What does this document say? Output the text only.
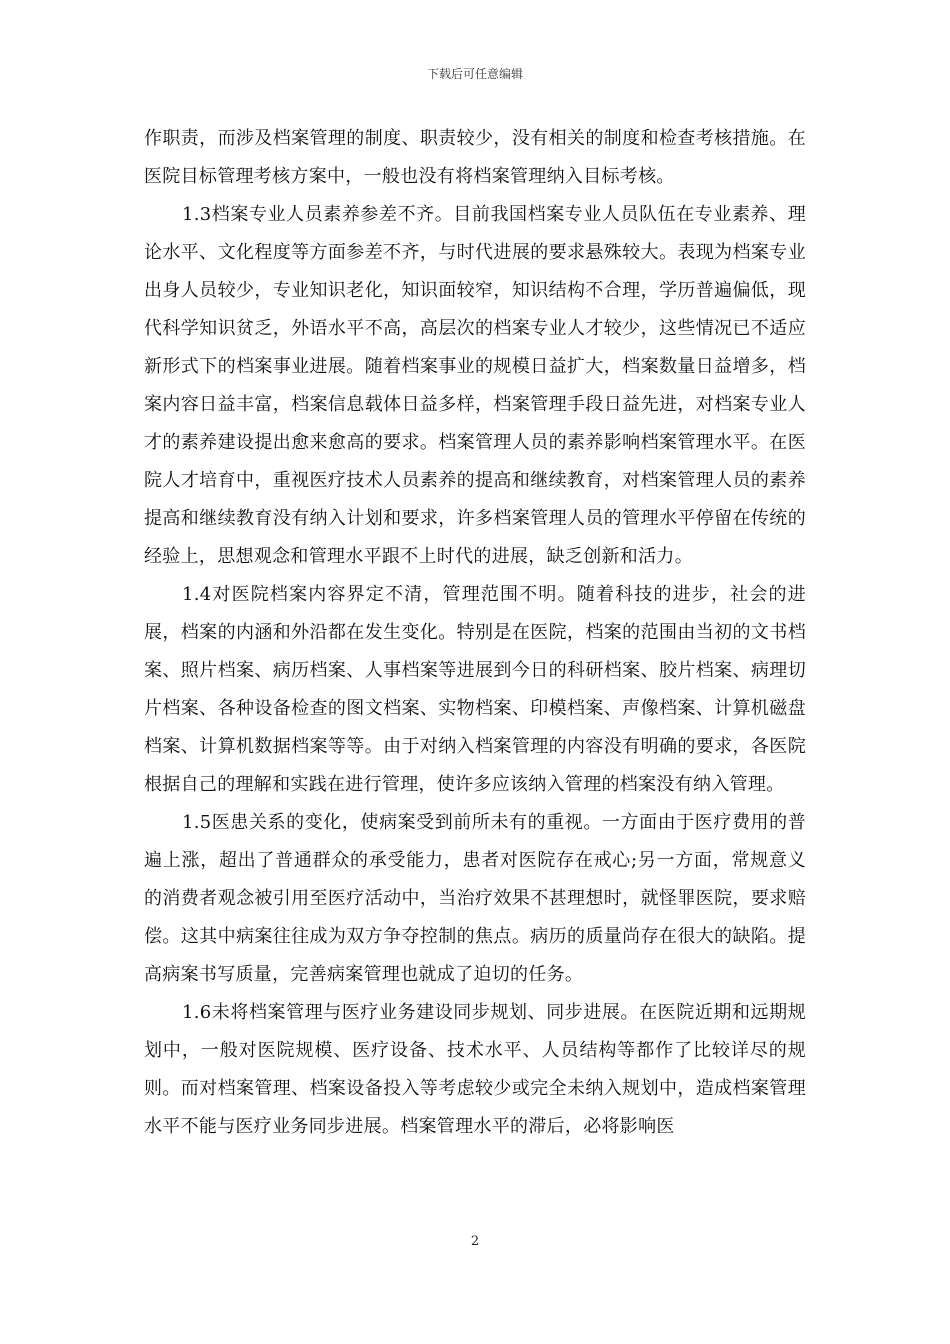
下载后可任意编辑

作职责，而涉及档案管理的制度、职责较少，没有相关的制度和检查考核措施。在医院目标管理考核方案中，一般也没有将档案管理纳入目标考核。

1.3档案专业人员素养参差不齐。目前我国档案专业人员队伍在专业素养、理论水平、文化程度等方面参差不齐，与时代进展的要求悬殊较大。表现为档案专业出身人员较少，专业知识老化，知识面较窄，知识结构不合理，学历普遍偏低，现代科学知识贫乏，外语水平不高，高层次的档案专业人才较少，这些情况已不适应新形式下的档案事业进展。随着档案事业的规模日益扩大，档案数量日益增多，档案内容日益丰富，档案信息载体日益多样，档案管理手段日益先进，对档案专业人才的素养建设提出愈来愈高的要求。档案管理人员的素养影响档案管理水平。在医院人才培育中，重视医疗技术人员素养的提高和继续教育，对档案管理人员的素养提高和继续教育没有纳入计划和要求，许多档案管理人员的管理水平停留在传统的经验上，思想观念和管理水平跟不上时代的进展，缺乏创新和活力。

1.4对医院档案内容界定不清，管理范围不明。随着科技的进步，社会的进展，档案的内涵和外沿都在发生变化。特别是在医院，档案的范围由当初的文书档案、照片档案、病历档案、人事档案等进展到今日的科研档案、胶片档案、病理切片档案、各种设备检查的图文档案、实物档案、印模档案、声像档案、计算机磁盘档案、计算机数据档案等等。由于对纳入档案管理的内容没有明确的要求，各医院根据自己的理解和实践在进行管理，使许多应该纳入管理的档案没有纳入管理。

1.5医患关系的变化，使病案受到前所未有的重视。一方面由于医疗费用的普遍上涨，超出了普通群众的承受能力，患者对医院存在戒心;另一方面，常规意义的消费者观念被引用至医疗活动中，当治疗效果不甚理想时，就怪罪医院，要求赔偿。这其中病案往往成为双方争夺控制的焦点。病历的质量尚存在很大的缺陷。提高病案书写质量，完善病案管理也就成了迫切的任务。

1.6未将档案管理与医疗业务建设同步规划、同步进展。在医院近期和远期规划中，一般对医院规模、医疗设备、技术水平、人员结构等都作了比较详尽的规则。而对档案管理、档案设备投入等考虑较少或完全未纳入规划中，造成档案管理水平不能与医疗业务同步进展。档案管理水平的滞后，必将影响医

2
